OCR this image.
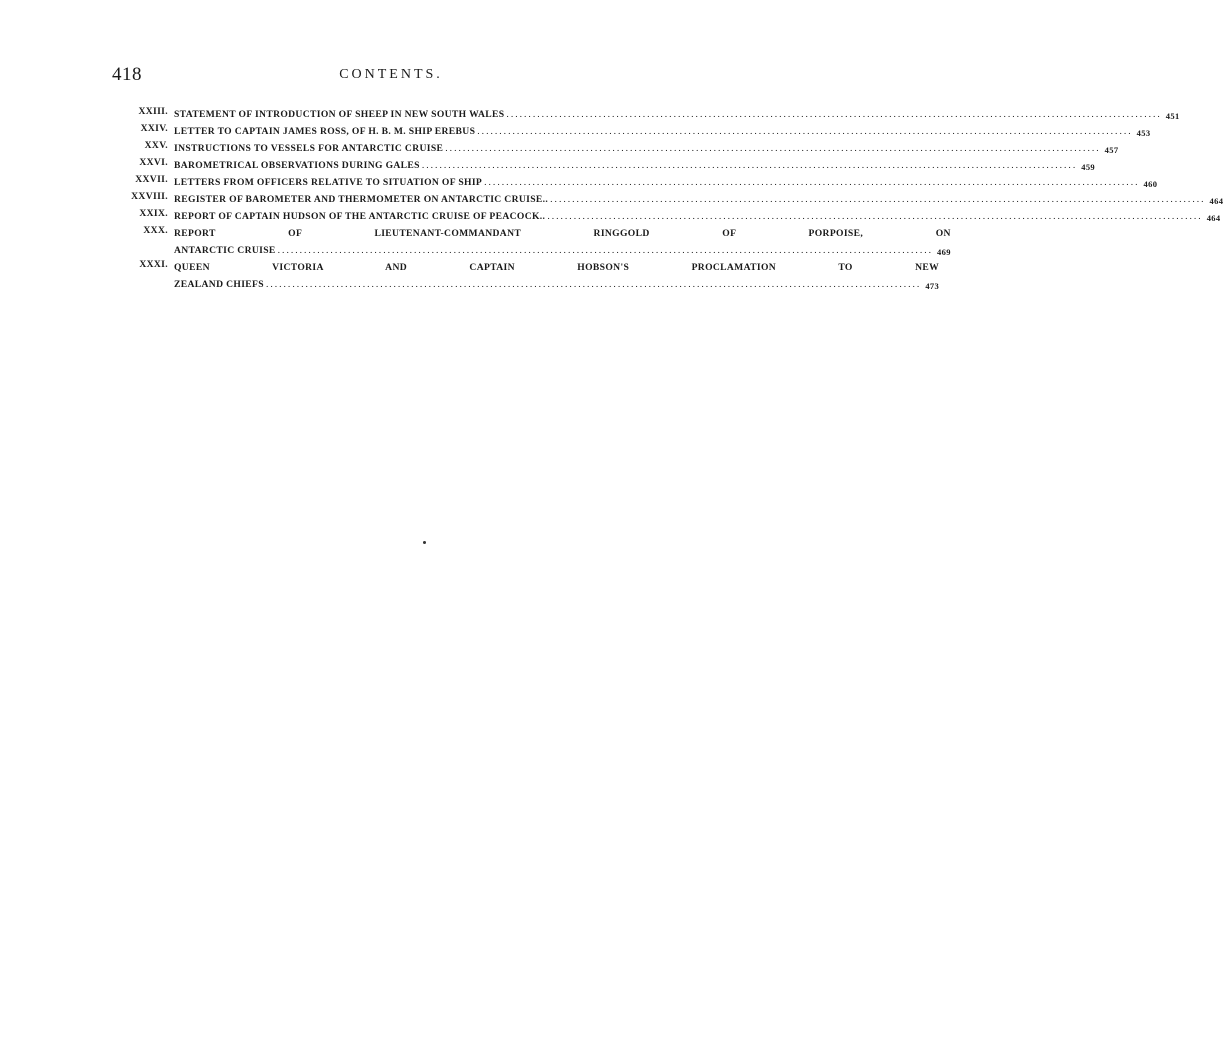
418	CONTENTS.
XXIII. STATEMENT OF INTRODUCTION OF SHEEP IN NEW SOUTH WALES .....	451
XXIV. LETTER TO CAPTAIN JAMES ROSS, OF H. B. M. SHIP EREBUS .....	453
XXV. INSTRUCTIONS TO VESSELS FOR ANTARCTIC CRUISE .....	457
XXVI. BAROMETRICAL OBSERVATIONS DURING GALES .....	459
XXVII. LETTERS FROM OFFICERS RELATIVE TO SITUATION OF SHIP .....	460
XXVIII. REGISTER OF BAROMETER AND THERMOMETER ON ANTARCTIC CRUISE.. .....	464
XXIX. REPORT OF CAPTAIN HUDSON OF THE ANTARCTIC CRUISE OF PEACOCK.. .....	464
XXX. REPORT OF LIEUTENANT-COMMANDANT RINGGOLD OF PORPOISE, ON
ANTARCTIC CRUISE .....	469
XXXI. QUEEN VICTORIA AND CAPTAIN HOBSON'S PROCLAMATION TO NEW
ZEALAND CHIEFS .....	473
